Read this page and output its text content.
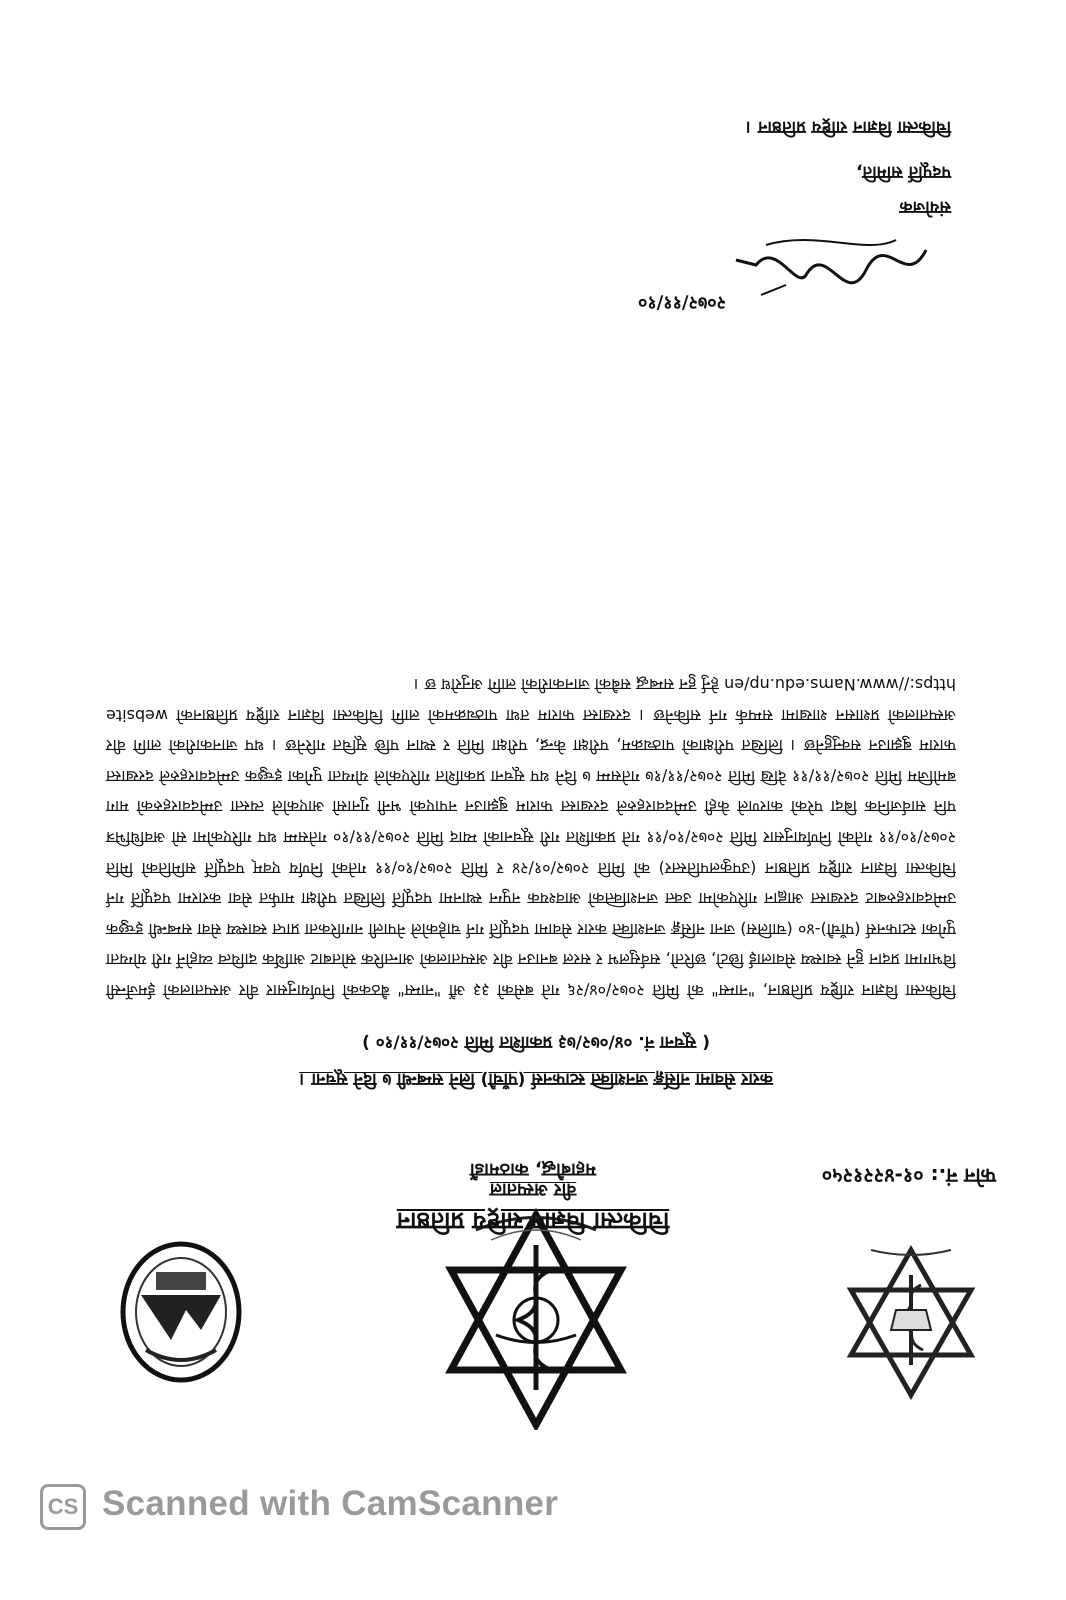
चिकित्सा विज्ञान राष्ट्रिय प्रतिष्ठान
वीर अस्पताल
महाबौद्ध, काठमाडौं	फोन नं.: ०१-४२२१२५०
करार सेवामा नर्सिङ्ग जनशक्ति स्टाफनर्स (पाँचौ) लिने सम्बन्धी ७ दिने सूचना ।
( सूचना नं. ०४/०७२/७३ प्रकाशित मिति २०७२/११/१० )
चिकित्सा विज्ञान राष्ट्रिय प्रतिष्ठान, "नाम्स" को मिति २०७२/०४/२६ गते बसेको ३३ औं "नाम्स" बैठकको निर्णयानुसार वीर अस्पतालको ईमर्जेन्सी विभागमा प्रदान हुने स्वास्थ्य सेवालाई छिटो, छरितो, सर्वसुलभ र सरल बनाउन वीर अस्पतालको आन्तरिक स्रोतबाट आर्थिक दायित्व व्यहोर्ने गरी योग्यता पुगेका स्टाफनर्स (पाँचौ)-४० (चालिस) जना नर्सिङ्ग जनशक्ति करार सेवामा पदपूर्ति गर्न चाहेकोले नेपाली नागरिकता प्राप्त स्वास्थ्य सेवा सम्बन्धी इच्छुक उम्मेदवारहरुबाट दरखास्त आह्वान गरिएकोमा उक्त जनशक्तिको आवश्यक नपुग्न स्थानमा पदपूर्ति लिखित परीक्षा मार्फत सेवा करारमा पदपूर्ति गर्न चिकित्सा विज्ञान राष्ट्रिय प्रतिष्ठान (उपकुलपतिस्तर) को मिति २०७२/०१/२४ र मिति २०७२/१०/११ गतेको निर्णय एवम् पदपूर्ति समितिको मिति २०७२/१०/११ गतेको निर्णयानुसार मिति २०७२/१०/११ गते प्रकाशित गरी सूचनाको म्याद मिति २०७२/११/१० गतेसम्म थप गरिएकोमा सो अवधिभित्र पनि सार्वजनिक बिदा परेको कारणले केही उम्मेदवारहरुले दरखास्त फाराम बुझाउन नपाएको भनी गुनासो आएकोले त्यस्ता उम्मेदवारहरुको माग बमोजिम मिति २०७२/११/११ देखि मिति २०७२/११/१७ गतेसम्म ७ दिने थप सूचना प्रकाशित गरिएकोले योग्यता पुगेका इच्छुक उम्मेदवारहरुले दरखास्त फाराम बुझाउन सक्नुहुनेछ । लिखित परीक्षाको पाठ्यक्रम, परीक्षा केन्द्र, परीक्षा मिति र स्थान पछि सूचित गरिनेछ । थप जानकारीको लागि वीर अस्पतालको प्रशासन शाखामा सम्पर्क गर्न सकिनेछ । दरखास्त फाराम तथा पाठ्यक्रमको लागि चिकित्सा विज्ञान राष्ट्रिय प्रतिष्ठानको website https://www.Nams.edu.np/en हेर्नु हुन सम्बद्ध सबैको जानकारीको लागि अनुरोध छ ।
२०७२/११/१०
संयोजक
पदपूर्ति समिति,
चिकित्सा विज्ञान राष्ट्रिय प्रतिष्ठान ।
CS Scanned with CamScanner
